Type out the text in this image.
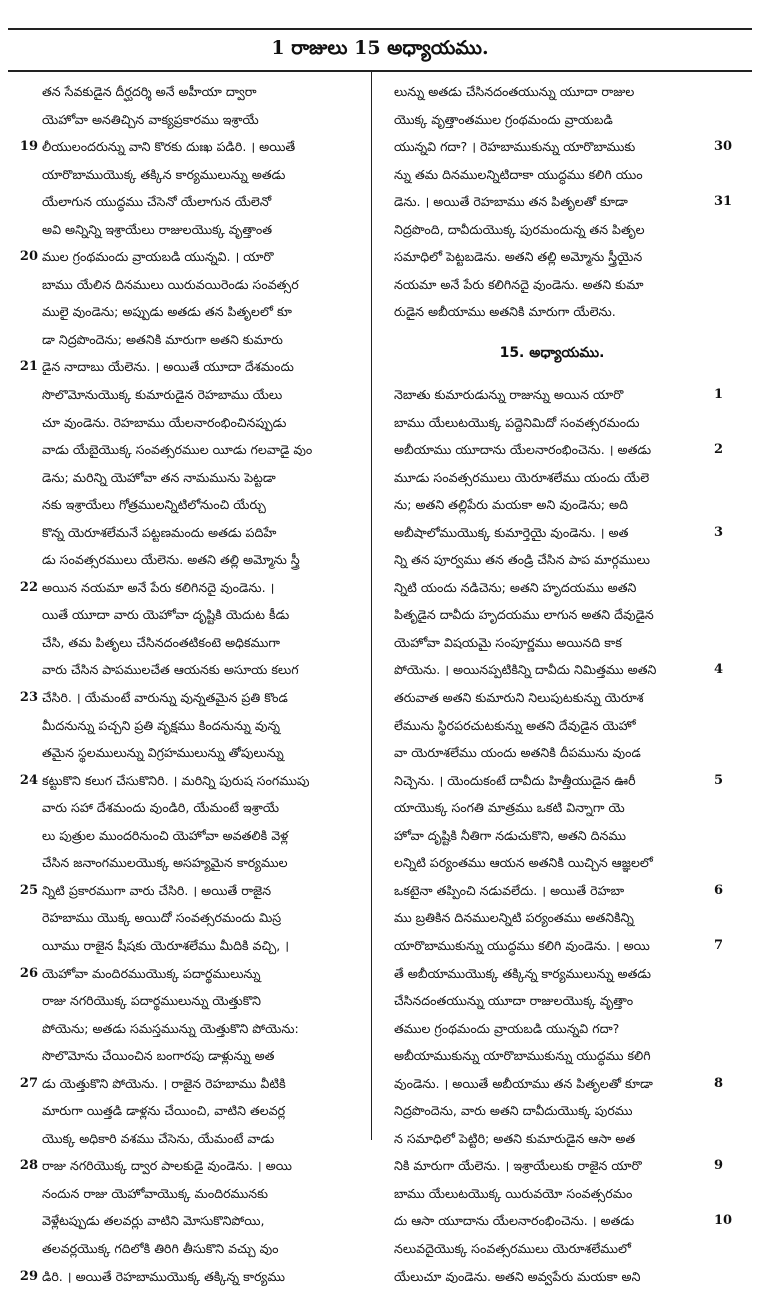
1 రాజులు 15 అధ్యాయము.
తన సేవకుడైన దీర్ఘదర్శి అనే అహీయా ద్వారా
యెహోవా అనతిచ్చిన వాక్యప్రకారము ఇశ్రాయే
లీయులందరున్ను వాని కొరకు దుఃఖ పడిరి. । అయితే
19
యారొబాముయొక్క తక్కిన కార్యములున్ను అతడు
యేలాగున యుద్ధము చేసెనో యేలాగున యేలెనో
అవి అన్నిన్ని ఇశ్రాయేలు రాజులయొక్క వృత్తాంత
ముల గ్రంథమందు వ్రాయబడి యున్నవి. । యారొ
20
బాము యేలిన దినములు యిరువయిరెండు సంవత్సర
ములై వుండెను; అప్పుడు అతడు తన పితృలలో కూ
డా నిద్రపొందెను; అతనికి మారుగా అతని కుమారు
డైన నాదాబు యేలెను. । అయితే యూదా దేశమందు
21
సొలొమోనుయొక్క కుమారుడైన రెహబాము యేలు
చూ వుండెను. రెహబాము యేలనారంభించినప్పుడు
వాడు యేబైయొక్క సంవత్సరముల యీడు గలవాడై వుం
డెను; మరిన్ని యెహోవా తన నామమును పెట్టడా
నకు ఇశ్రాయేలు గోత్రములన్నిటిలోనుంచి యేర్చు
కొన్న యెరూశలేమనే పట్టణమందు అతడు పదిహే
డు సంవత్సరములు యేలెను. అతని తల్లి అమ్మోను స్త్రీ
అయిన నయమా అనే పేరు కలిగినదై వుండెను. ।
22
యితే యూదా వారు యెహోవా దృష్టికి యెదుట కీడు
చేసి, తమ పితృలు చేసినదంతటికంటె అధికముగా
వారు చేసిన పాపములచేత ఆయనకు అసూయ కలుగ
చేసిరి. । యేమంటే వారున్ను వున్నతమైన ప్రతి కొండ
23
మీదనున్ను పచ్చని ప్రతి వృక్షము కిందనున్ను వున్న
తమైన స్థలములున్ను విగ్రహములున్ను తోపులున్ను
కట్టుకొని కలుగ చేసుకొనిరి. । మరిన్ని పురుష సంగముపు
24
వారు సహా దేశమందు వుండిరి, యేమంటే ఇశ్రాయే
లు పుత్రుల ముందరినుంచి యెహోవా అవతలికి వెళ్ల
చేసిన జనాంగములయొక్క అసహ్యమైన కార్యముల
న్నిటి ప్రకారముగా వారు చేసిరి. । అయితే రాజైన
25
రెహబాము యొక్క అయిదో సంవత్సరమందు మిస్ర
యీము రాజైన షీషకు యెరూశలేము మీదికి వచ్చి, ।
యెహోవా మందిరముయొక్క పదార్థములున్ను
26
రాజు నగరియొక్క పదార్థములున్ను యెత్తుకొని
పోయెను; అతడు సమస్తమున్ను యెత్తుకొని పోయెను:
సొలొమోను చేయించిన బంగారపు డాళ్లున్ను అత
డు యెత్తుకొని పోయెను. । రాజైన రెహబాము వీటికి
27
మారుగా యిత్తడి డాళ్లను చేయించి, వాటిని తలవర్ల
యొక్క అధికారి వశము చేసెను, యేమంటే వాడు
రాజు నగరియొక్క ద్వార పాలకుడై వుండెను. । అయి
28
నందున రాజు యెహోవాయొక్క మందిరమునకు
వెళ్లేటప్పుడు తలవర్లు వాటిని మోసుకొనిపోయి,
తలవర్లయొక్క గదిలోకి తిరిగి తీసుకొని వచ్చు వుం
డిరి. । అయితే రెహబాముయొక్క తక్కిన్న కార్యము
29
లున్ను అతడు చేసినదంతయున్ను యూదా రాజుల
యొక్క వృత్తాంతముల గ్రంథమందు వ్రాయబడి
యున్నవి గదా? । రెహబాముకున్ను యారొబాముకు	30
న్ను తమ దినములన్నిటిదాకా యుద్ధము కలిగి యుం
డెను. । అయితే రెహబాము తన పితృలతో కూడా	31
నిద్రపొంది, దావీదుయొక్క పురమందున్న తన పితృల
సమాధిలో పెట్టబడెను. అతని తల్లి అమ్మోను స్త్రీయైన
నయమా అనే పేరు కలిగినదై వుండెను. అతని కుమా
రుడైన అబీయాము అతనికి మారుగా యేలెను.
15. అధ్యాయము.
నెబాతు కుమారుడున్ను రాజున్ను అయిన యారొ	1
బాము యేలుటయొక్క పద్దెనిమిదో సంవత్సరమందు
అబీయాము యూదాను యేలనారంభించెను. । అతడు	2
మూడు సంవత్సరములు యెరూశలేము యందు యేలె
ను; అతని తల్లిపేరు మయకా అని వుండెను; అది
అబీషాలోముయొక్క కుమార్తెయై వుండెను. । అత	3
న్ని తన పూర్వము తన తండ్రి చేసిన పాప మార్గములు
న్నిటి యందు నడిచెను; అతని హృదయము అతని
పితృడైన దావీదు హృదయము లాగున అతని దేవుడైన
యెహోవా విషయమై సంపూర్ణము అయినది కాక
పోయెను. । అయినప్పటికిన్ని దావీదు నిమిత్తము అతని	4
తరువాత అతని కుమారుని నిలుపుటకున్ను యెరూశ
లేమును స్థిరపరచుటకున్ను అతని దేవుడైన యెహో
వా యెరూశలేము యందు అతనికి దీపమును వుండ
నిచ్చెను. । యెందుకంటే దావీదు హిత్తీయుడైన ఊరీ	5
యాయొక్క సంగతి మాత్రము ఒకటి విన్నాగా యె
హోవా దృష్టికి నీతిగా నడుచుకొని, అతని దినము
లన్నిటి పర్యంతము ఆయన అతనికి యిచ్చిన ఆజ్ఞలలో
ఒకటైనా తప్పించి నడువలేదు. । అయితే రెహబా	6
ము బ్రతికిన దినములన్నిటి పర్యంతము అతనికిన్ని
యారొబాముకున్ను యుద్ధము కలిగి వుండెను. । అయి	7
తే అబీయాముయొక్క తక్కిన్న కార్యములున్ను అతడు
చేసినదంతయున్ను యూదా రాజులయొక్క వృత్తాం
తముల గ్రంథమందు వ్రాయబడి యున్నవి గదా?
అబీయాముకున్ను యారొబాముకున్ను యుద్ధము కలిగి
వుండెను. । అయితే అబీయాము తన పితృలతో కూడా	8
నిద్రపొందెను, వారు అతని దావీదుయొక్క పురము
న సమాధిలో పెట్టిరి; అతని కుమారుడైన ఆసా అత
నికి మారుగా యేలెను. । ఇశ్రాయేలుకు రాజైన యారొ	9
బాము యేలుటయొక్క యిరువయో సంవత్సరమం
దు ఆసా యూదాను యేలనారంభించెను. । అతడు	10
నలువదైయొక్క సంవత్సరములు యెరూశలేములో
యేలుచూ వుండెను. అతని అవ్వపేరు మయకా అని
